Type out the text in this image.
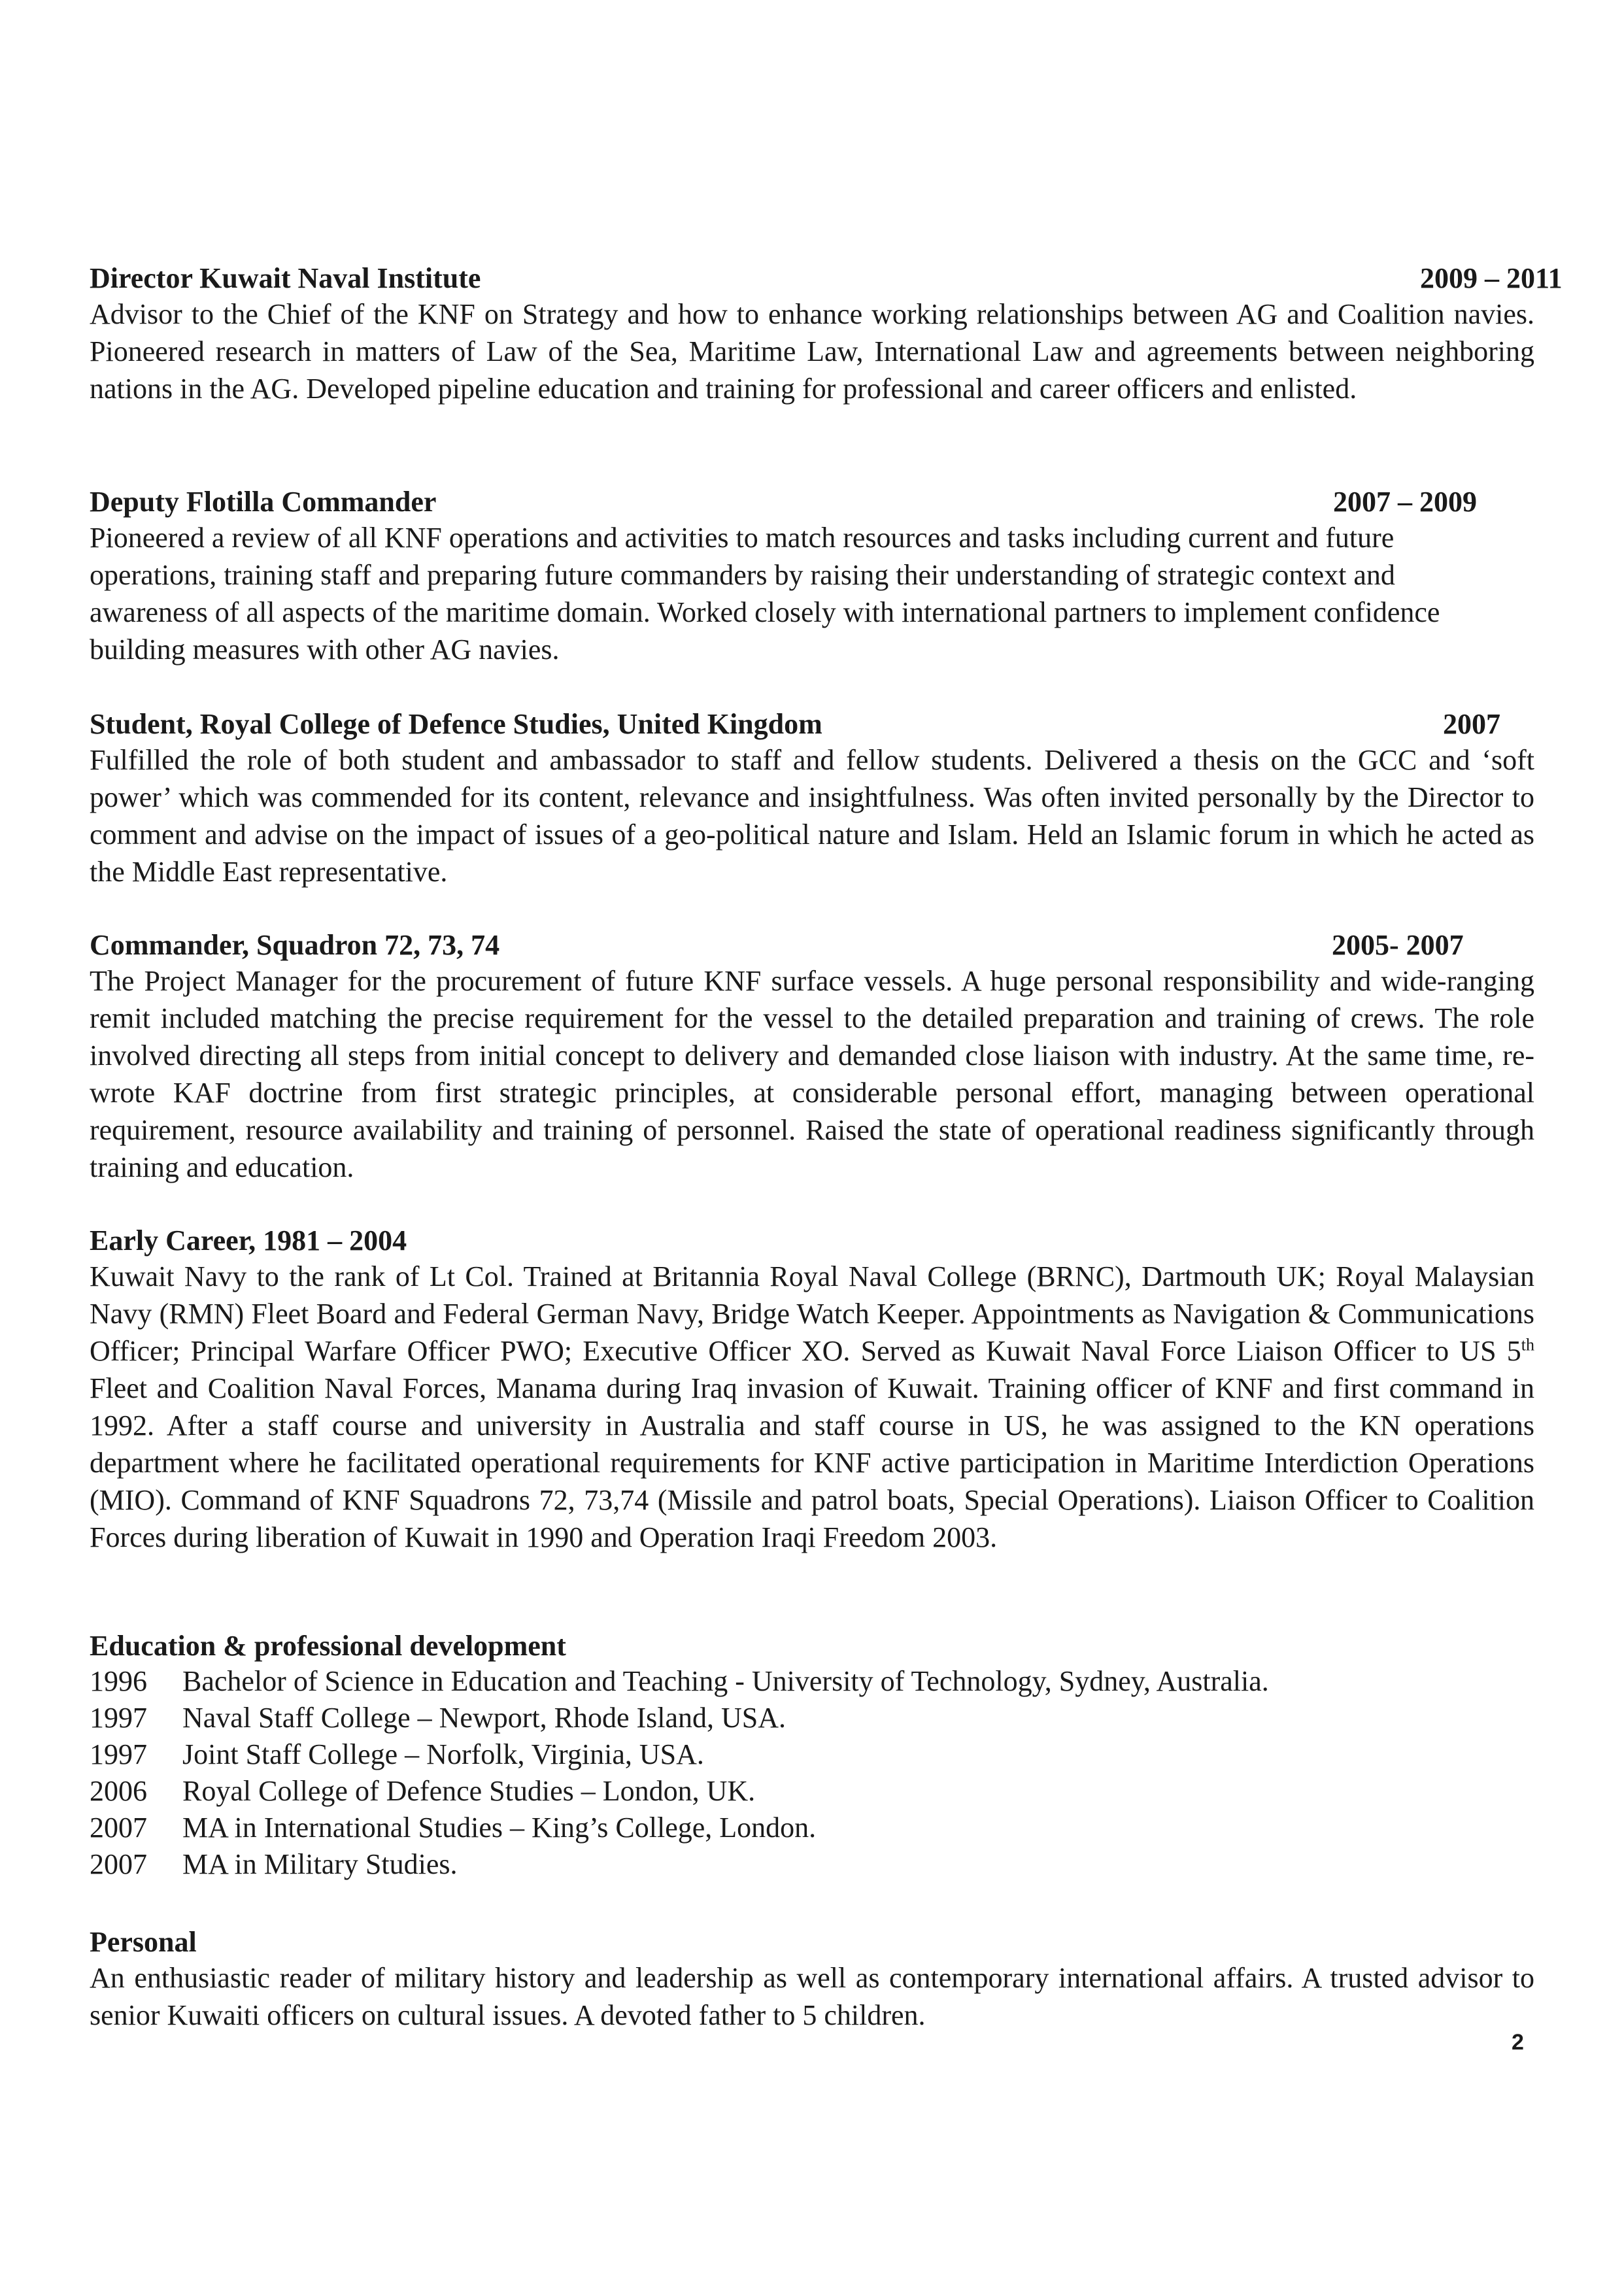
Director Kuwait Naval Institute	2009 – 2011

Advisor to the Chief of the KNF on Strategy and how to enhance working relationships between AG and Coalition navies. Pioneered research in matters of Law of the Sea, Maritime Law, International Law and agreements between neighboring nations in the AG. Developed pipeline education and training for professional and career officers and enlisted.

Deputy Flotilla Commander	2007 – 2009

Pioneered a review of all KNF operations and activities to match resources and tasks including current and future operations, training staff and preparing future commanders by raising their understanding of strategic context and awareness of all aspects of the maritime domain. Worked closely with international partners to implement confidence building measures with other AG navies.

Student, Royal College of Defence Studies, United Kingdom	2007

Fulfilled the role of both student and ambassador to staff and fellow students. Delivered a thesis on the GCC and ‘soft power’ which was commended for its content, relevance and insightfulness. Was often invited personally by the Director to comment and advise on the impact of issues of a geo-political nature and Islam. Held an Islamic forum in which he acted as the Middle East representative.

Commander, Squadron 72, 73, 74	2005- 2007

The Project Manager for the procurement of future KNF surface vessels. A huge personal responsibility and wide-ranging remit included matching the precise requirement for the vessel to the detailed preparation and training of crews. The role involved directing all steps from initial concept to delivery and demanded close liaison with industry. At the same time, re-wrote KAF doctrine from first strategic principles, at considerable personal effort, managing between operational requirement, resource availability and training of personnel. Raised the state of operational readiness significantly through training and education.

Early Career, 1981 – 2004

Kuwait Navy to the rank of Lt Col. Trained at Britannia Royal Naval College (BRNC), Dartmouth UK; Royal Malaysian Navy (RMN) Fleet Board and Federal German Navy, Bridge Watch Keeper. Appointments as Navigation & Communications Officer; Principal Warfare Officer PWO; Executive Officer XO. Served as Kuwait Naval Force Liaison Officer to US 5th Fleet and Coalition Naval Forces, Manama during Iraq invasion of Kuwait. Training officer of KNF and first command in 1992. After a staff course and university in Australia and staff course in US, he was assigned to the KN operations department where he facilitated operational requirements for KNF active participation in Maritime Interdiction Operations (MIO). Command of KNF Squadrons 72, 73,74 (Missile and patrol boats, Special Operations). Liaison Officer to Coalition Forces during liberation of Kuwait in 1990 and Operation Iraqi Freedom 2003.

Education & professional development
1996 Bachelor of Science in Education and Teaching - University of Technology, Sydney, Australia.
1997 Naval Staff College – Newport, Rhode Island, USA.
1997 Joint Staff College – Norfolk, Virginia, USA.
2006 Royal College of Defence Studies – London, UK.
2007 MA in International Studies – King’s College, London.
2007 MA in Military Studies.
Personal

An enthusiastic reader of military history and leadership as well as contemporary international affairs. A trusted advisor to senior Kuwaiti officers on cultural issues. A devoted father to 5 children.

2
